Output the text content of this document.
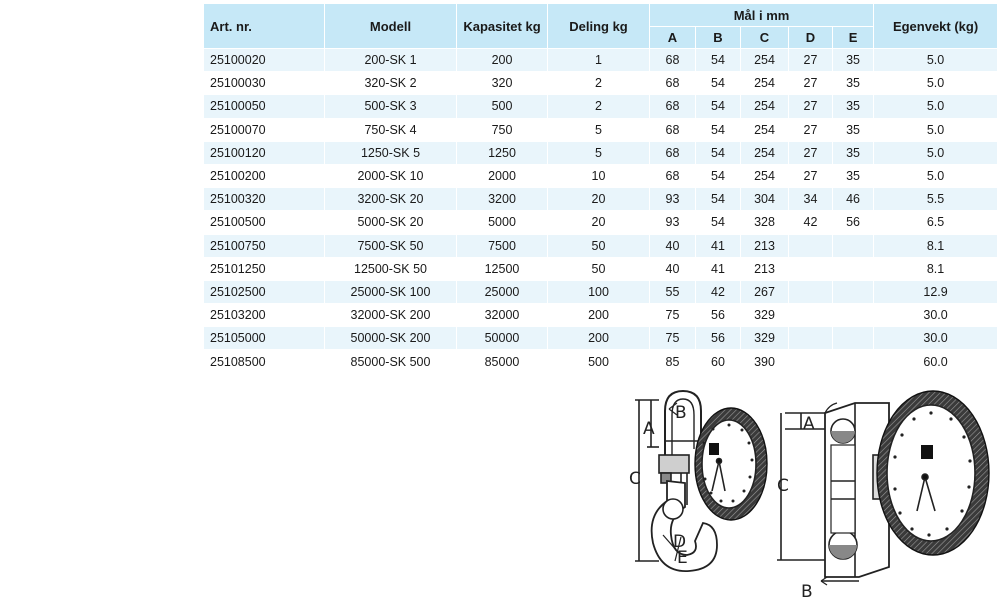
Art. nr.	Modell	Kapasitet kg	Deling kg	Mål i mm					Egenvekt (kg)
				A	B	C	D	E	
25100020	200-SK 1	200	1	68	54	254	27	35	5.0
25100030	320-SK 2	320	2	68	54	254	27	35	5.0
25100050	500-SK 3	500	2	68	54	254	27	35	5.0
25100070	750-SK 4	750	5	68	54	254	27	35	5.0
25100120	1250-SK 5	1250	5	68	54	254	27	35	5.0
25100200	2000-SK 10	2000	10	68	54	254	27	35	5.0
25100320	3200-SK 20	3200	20	93	54	304	34	46	5.5
25100500	5000-SK 20	5000	20	93	54	328	42	56	6.5
25100750	7500-SK 50	7500	50	40	41	213			8.1
25101250	12500-SK 50	12500	50	40	41	213			8.1
25102500	25000-SK 100	25000	100	55	42	267			12.9
25103200	32000-SK 200	32000	200	75	56	329			30.0
25105000	50000-SK 200	50000	200	75	56	329			30.0
25108500	85000-SK 500	85000	500	85	60	390			60.0
A
B
C
D
E
A
B
C
